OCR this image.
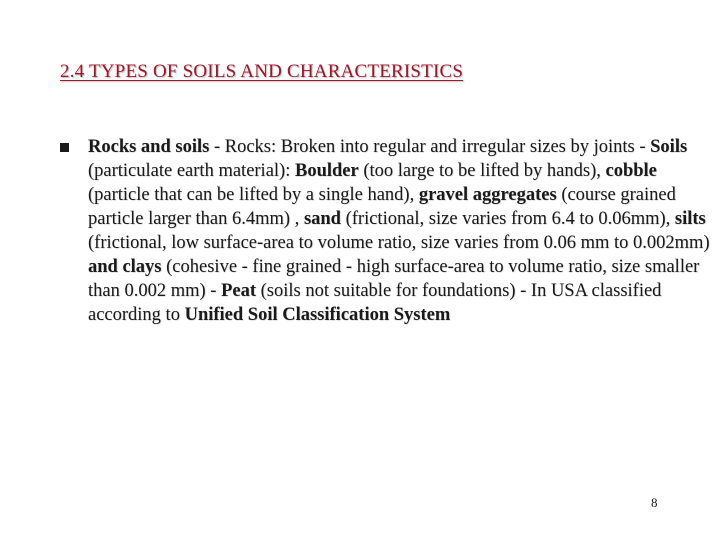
2.4 TYPES OF SOILS AND CHARACTERISTICS
Rocks and soils - Rocks: Broken into regular and irregular sizes by joints - Soils (particulate earth material): Boulder (too large to be lifted by hands), cobble (particle that can be lifted by a single hand), gravel aggregates (course grained particle larger than 6.4mm) , sand (frictional, size varies from 6.4 to 0.06mm), silts (frictional, low surface-area to volume ratio, size varies from 0.06 mm to 0.002mm) and clays (cohesive - fine grained - high surface-area to volume ratio, size smaller than 0.002 mm) - Peat (soils not suitable for foundations) - In USA classified according to Unified Soil Classification System
8
